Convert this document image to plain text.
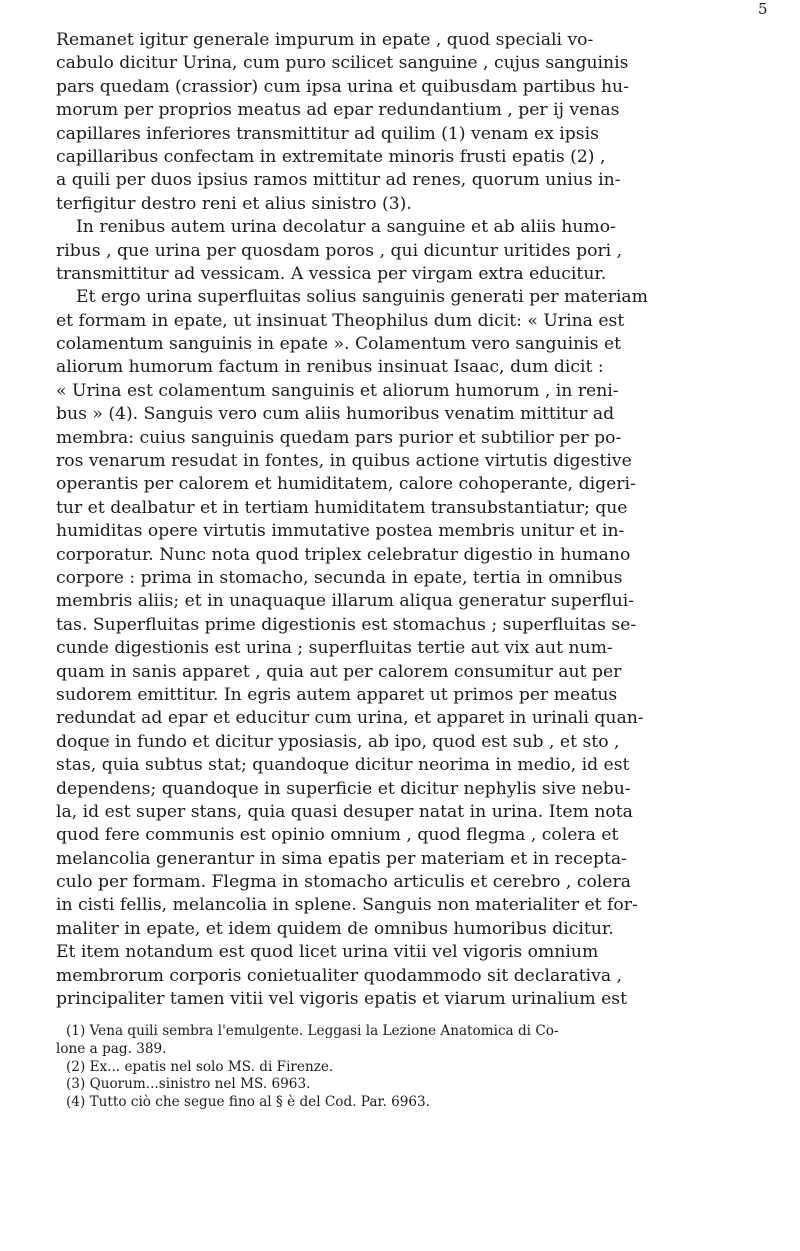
5
Remanet igitur generale impurum in epate , quod speciali vo-
cabulo dicitur Urina, cum puro scilicet sanguine , cujus sanguinis
pars quedam (crassior) cum ipsa urina et quibusdam partibus hu-
morum per proprios meatus ad epar redundantium , per ij venas
capillares inferiores transmittitur ad quilim (1) venam ex ipsis
capillaribus confectam in extremitate minoris frusti epatis (2) ,
a quili per duos ipsius ramos mittitur ad renes, quorum unius in-
terfigitur destro reni et alius sinistro (3).
In renibus autem urina decolatur a sanguine et ab aliis humo-
ribus , que urina per quosdam poros , qui dicuntur uritides pori ,
transmittitur ad vessicam. A vessica per virgam extra educitur.
Et ergo urina superfluitas solius sanguinis generati per materiam
et formam in epate, ut insinuat Theophilus dum dicit: « Urina est
colamentum sanguinis in epate ». Colamentum vero sanguinis et
aliorum humorum factum in renibus insinuat Isaac, dum dicit :
« Urina est colamentum sanguinis et aliorum humorum , in reni-
bus » (4). Sanguis vero cum aliis humoribus venatim mittitur ad
membra: cuius sanguinis quedam pars purior et subtilior per po-
ros venarum resudat in fontes, in quibus actione virtutis digestive
operantis per calorem et humiditatem, calore cohoperante, digeri-
tur et dealbatur et in tertiam humiditatem transubstantiatur; que
humiditas opere virtutis immutative postea membris unitur et in-
corporatur. Nunc nota quod triplex celebratur digestio in humano
corpore : prima in stomacho, secunda in epate, tertia in omnibus
membris aliis; et in unaquaque illarum aliqua generatur superflui-
tas. Superfluitas prime digestionis est stomachus ; superfluitas se-
cunde digestionis est urina ; superfluitas tertie aut vix aut num-
quam in sanis apparet , quia aut per calorem consumitur aut per
sudorem emittitur. In egris autem apparet ut primos per meatus
redundat ad epar et educitur cum urina, et apparet in urinali quan-
doque in fundo et dicitur yposiasis, ab ipo, quod est sub , et sto ,
stas, quia subtus stat; quandoque dicitur neorima in medio, id est
dependens; quandoque in superficie et dicitur nephylis sive nebu-
la, id est super stans, quia quasi desuper natat in urina. Item nota
quod fere communis est opinio omnium , quod flegma , colera et
melancolia generantur in sima epatis per materiam et in recepta-
culo per formam. Flegma in stomacho articulis et cerebro , colera
in cisti fellis, melancolia in splene. Sanguis non materialiter et for-
maliter in epate, et idem quidem de omnibus humoribus dicitur.
Et item notandum est quod licet urina vitii vel vigoris omnium
membrorum corporis conietualiter quodammodo sit declarativa ,
principaliter tamen vitii vel vigoris epatis et viarum urinalium est
(1) Vena quili sembra l'emulgente. Leggasi la Lezione Anatomica di Co-
lone a pag. 389.
(2) Ex... epatis nel solo MS. di Firenze.
(3) Quorum...sinistro nel MS. 6963.
(4) Tutto ciò che segue fino al § è del Cod. Par. 6963.
